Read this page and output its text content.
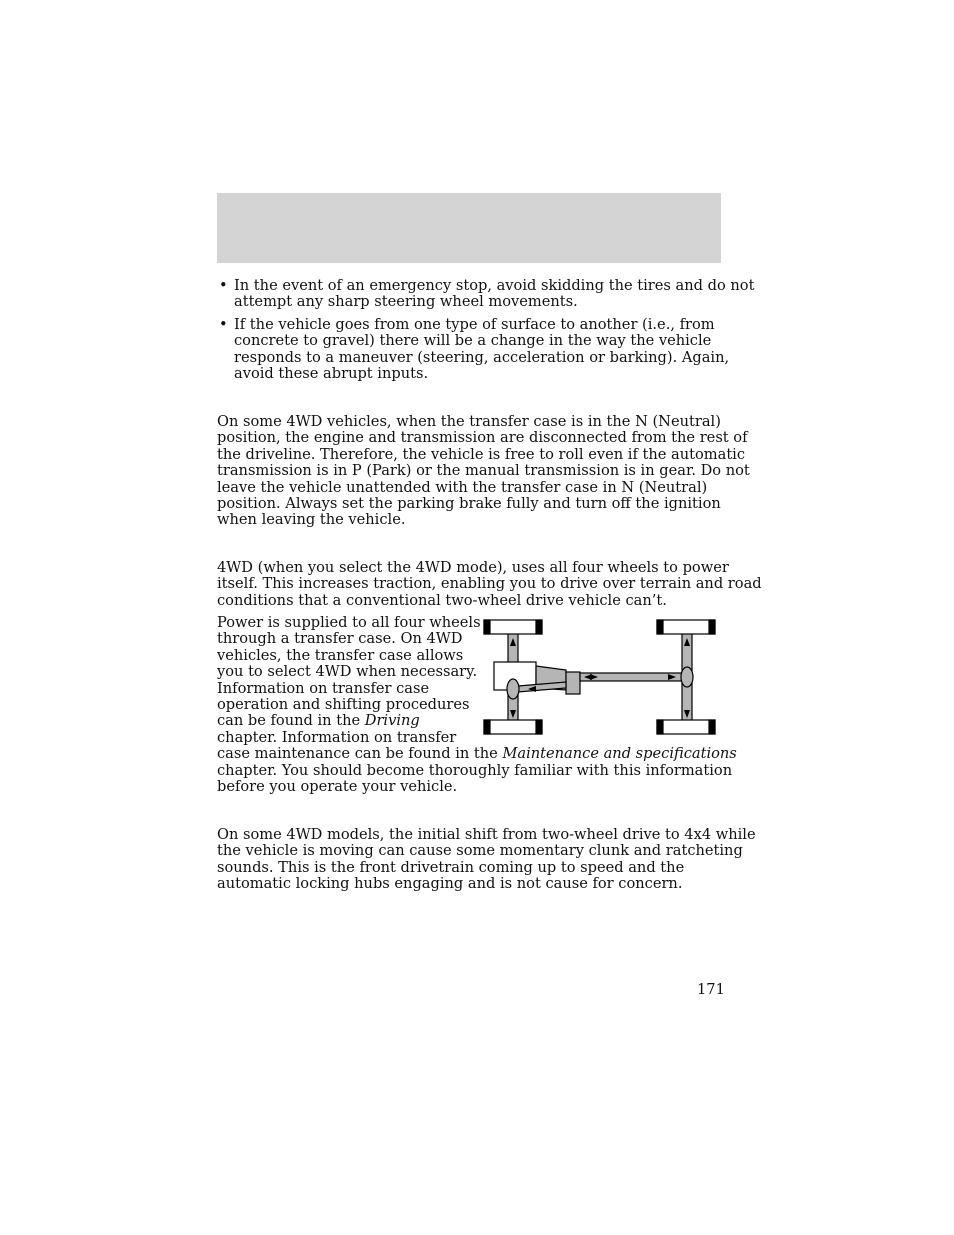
• In the event of an emergency stop, avoid skidding the tires and do not
attempt any sharp steering wheel movements.
• If the vehicle goes from one type of surface to another (i.e., from
concrete to gravel) there will be a change in the way the vehicle
responds to a maneuver (steering, acceleration or barking). Again,
avoid these abrupt inputs.
On some 4WD vehicles, when the transfer case is in the N (Neutral)
position, the engine and transmission are disconnected from the rest of
the driveline. Therefore, the vehicle is free to roll even if the automatic
transmission is in P (Park) or the manual transmission is in gear. Do not
leave the vehicle unattended with the transfer case in N (Neutral)
position. Always set the parking brake fully and turn off the ignition
when leaving the vehicle.
4WD (when you select the 4WD mode), uses all four wheels to power
itself. This increases traction, enabling you to drive over terrain and road
conditions that a conventional two-wheel drive vehicle can’t.
Power is supplied to all four wheels
through a transfer case. On 4WD
vehicles, the transfer case allows
you to select 4WD when necessary.
Information on transfer case
operation and shifting procedures
can be found in the Driving
chapter. Information on transfer
case maintenance can be found in the Maintenance and specifications
chapter. You should become thoroughly familiar with this information
before you operate your vehicle.
On some 4WD models, the initial shift from two-wheel drive to 4x4 while
the vehicle is moving can cause some momentary clunk and ratcheting
sounds. This is the front drivetrain coming up to speed and the
automatic locking hubs engaging and is not cause for concern.
171
